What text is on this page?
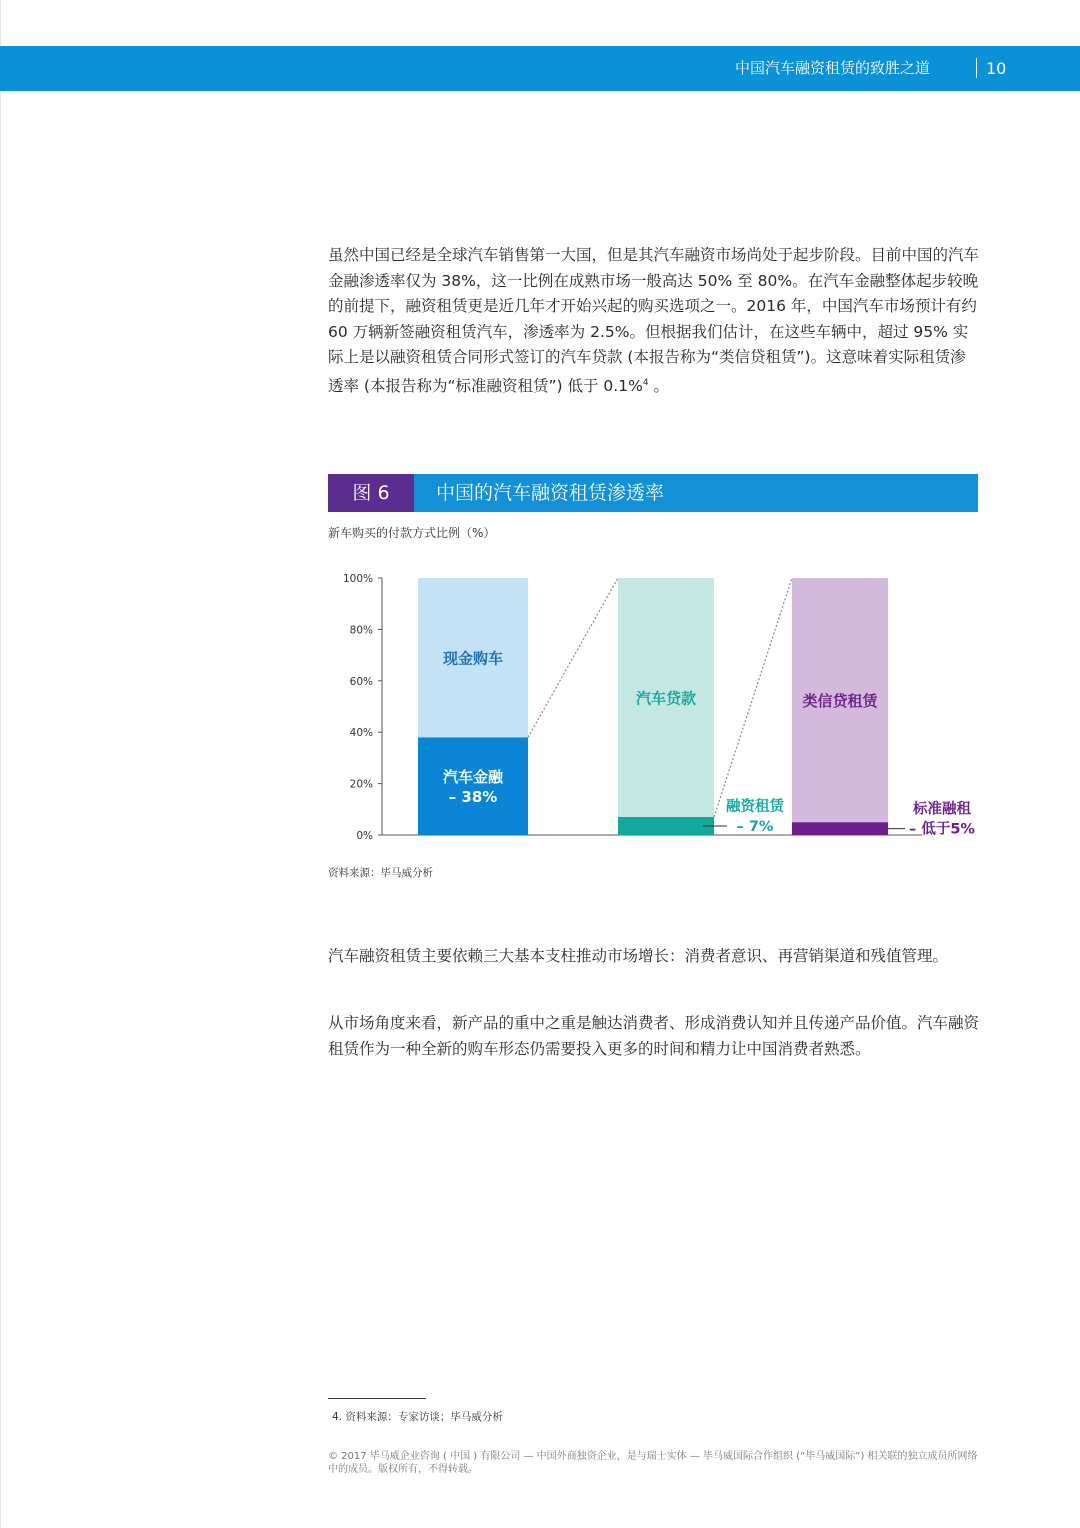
中国汽车融资租赁的致胜之道	10

虽然中国已经是全球汽车销售第一大国，但是其汽车融资市场尚处于起步阶段。目前中国的汽车金融渗透率仅为 38%，这一比例在成熟市场一般高达 50% 至 80%。在汽车金融整体起步较晚的前提下，融资租赁更是近几年才开始兴起的购买选项之一。2016 年，中国汽车市场预计有约 60 万辆新签融资租赁汽车，渗透率为 2.5%。但根据我们估计，在这些车辆中，超过 95% 实际上是以融资租赁合同形式签订的汽车贷款 (本报告称为“类信贷租赁”)。这意味着实际租赁渗透率 (本报告称为“标准融资租赁”) 低于 0.1%$^4$ 。

图 6	中国的汽车融资租赁渗透率
新车购买的付款方式比例（%）
0%
20%
40%
60%
80%
100%
汽车金融
– 38%
现金购车
融资租赁
– 7%
汽车贷款
标准融租
– 低于5%
类信贷租赁
资料来源：毕马威分析

汽车融资租赁主要依赖三大基本支柱推动市场增长：消费者意识、再营销渠道和残值管理。

从市场角度来看，新产品的重中之重是触达消费者、形成消费认知并且传递产品价值。汽车融资租赁作为一种全新的购车形态仍需要投入更多的时间和精力让中国消费者熟悉。

4. 资料来源：专家访谈；毕马威分析

© 2017 毕马威企业咨询 ( 中国 ) 有限公司 — 中国外商独资企业，是与瑞士实体 — 毕马威国际合作组织 (“毕马威国际”) 相关联的独立成员所网络中的成员。版权所有，不得转载。
